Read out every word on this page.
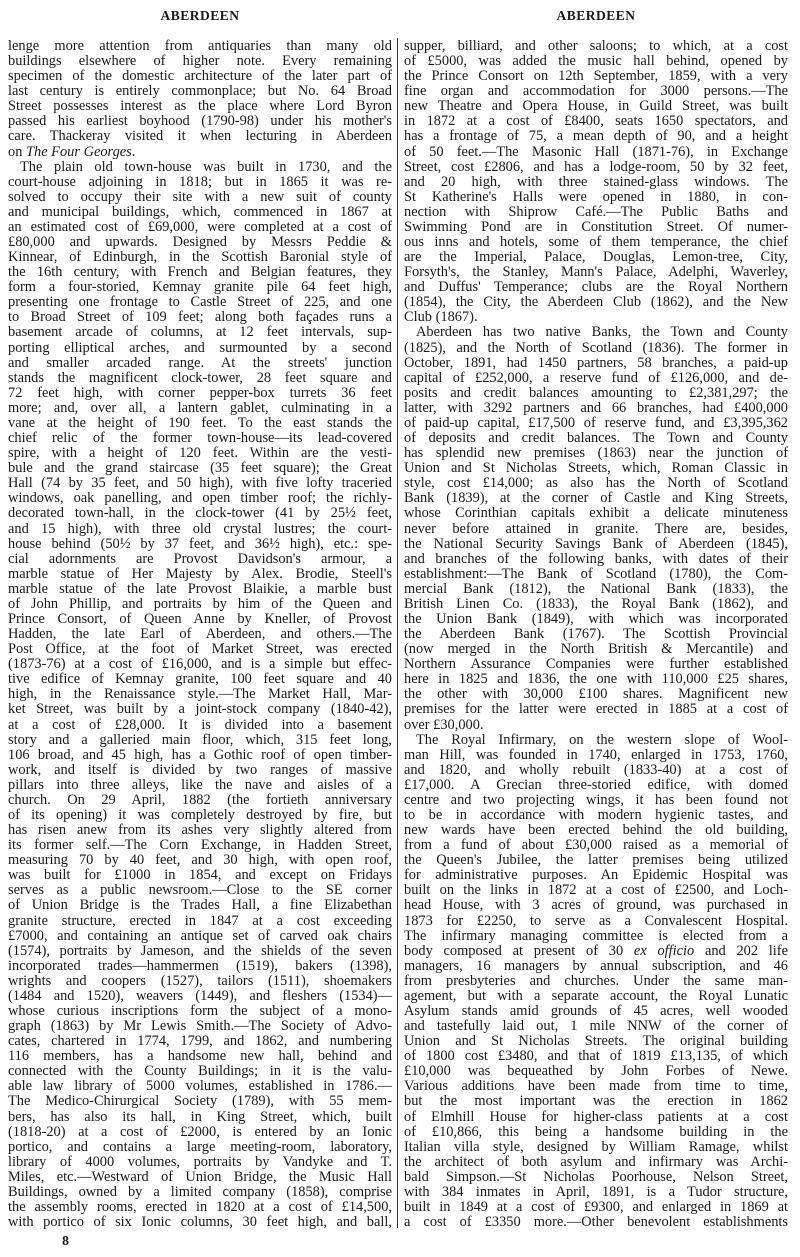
ABERDEEN	ABERDEEN
lenge more attention from antiquaries than many old
buildings elsewhere of higher note. Every remaining
specimen of the domestic architecture of the later part of
last century is entirely commonplace; but No. 64 Broad
Street possesses interest as the place where Lord Byron
passed his earliest boyhood (1790-98) under his mother's
care. Thackeray visited it when lecturing in Aberdeen
on The Four Georges.
The plain old town-house was built in 1730, and the
court-house adjoining in 1818; but in 1865 it was re-
solved to occupy their site with a new suit of county
and municipal buildings, which, commenced in 1867 at
an estimated cost of £69,000, were completed at a cost of
£80,000 and upwards. Designed by Messrs Peddie &
Kinnear, of Edinburgh, in the Scottish Baronial style of
the 16th century, with French and Belgian features, they
form a four-storied, Kemnay granite pile 64 feet high,
presenting one frontage to Castle Street of 225, and one
to Broad Street of 109 feet; along both façades runs a
basement arcade of columns, at 12 feet intervals, sup-
porting elliptical arches, and surmounted by a second
and smaller arcaded range. At the streets' junction
stands the magnificent clock-tower, 28 feet square and
72 feet high, with corner pepper-box turrets 36 feet
more; and, over all, a lantern gablet, culminating in a
vane at the height of 190 feet. To the east stands the
chief relic of the former town-house—its lead-covered
spire, with a height of 120 feet. Within are the vesti-
bule and the grand staircase (35 feet square); the Great
Hall (74 by 35 feet, and 50 high), with five lofty traceried
windows, oak panelling, and open timber roof; the richly-
decorated town-hall, in the clock-tower (41 by 25½ feet,
and 15 high), with three old crystal lustres; the court-
house behind (50½ by 37 feet, and 36½ high), etc.: spe-
cial adornments are Provost Davidson's armour, a
marble statue of Her Majesty by Alex. Brodie, Steell's
marble statue of the late Provost Blaikie, a marble bust
of John Phillip, and portraits by him of the Queen and
Prince Consort, of Queen Anne by Kneller, of Provost
Hadden, the late Earl of Aberdeen, and others.—The
Post Office, at the foot of Market Street, was erected
(1873-76) at a cost of £16,000, and is a simple but effec-
tive edifice of Kemnay granite, 100 feet square and 40
high, in the Renaissance style.—The Market Hall, Mar-
ket Street, was built by a joint-stock company (1840-42),
at a cost of £28,000. It is divided into a basement
story and a galleried main floor, which, 315 feet long,
106 broad, and 45 high, has a Gothic roof of open timber-
work, and itself is divided by two ranges of massive
pillars into three alleys, like the nave and aisles of a
church. On 29 April, 1882 (the fortieth anniversary
of its opening) it was completely destroyed by fire, but
has risen anew from its ashes very slightly altered from
its former self.—The Corn Exchange, in Hadden Street,
measuring 70 by 40 feet, and 30 high, with open roof,
was built for £1000 in 1854, and except on Fridays
serves as a public newsroom.—Close to the SE corner
of Union Bridge is the Trades Hall, a fine Elizabethan
granite structure, erected in 1847 at a cost exceeding
£7000, and containing an antique set of carved oak chairs
(1574), portraits by Jameson, and the shields of the seven
incorporated trades—hammermen (1519), bakers (1398),
wrights and coopers (1527), tailors (1511), shoemakers
(1484 and 1520), weavers (1449), and fleshers (1534)—
whose curious inscriptions form the subject of a mono-
graph (1863) by Mr Lewis Smith.—The Society of Advo-
cates, chartered in 1774, 1799, and 1862, and numbering
116 members, has a handsome new hall, behind and
connected with the County Buildings; in it is the valu-
able law library of 5000 volumes, established in 1786.—
The Medico-Chirurgical Society (1789), with 55 mem-
bers, has also its hall, in King Street, which, built
(1818-20) at a cost of £2000, is entered by an Ionic
portico, and contains a large meeting-room, laboratory,
library of 4000 volumes, portraits by Vandyke and T.
Miles, etc.—Westward of Union Bridge, the Music Hall
Buildings, owned by a limited company (1858), comprise
the assembly rooms, erected in 1820 at a cost of £14,500,
with portico of six Ionic columns, 30 feet high, and ball,
supper, billiard, and other saloons; to which, at a cost
of £5000, was added the music hall behind, opened by
the Prince Consort on 12th September, 1859, with a very
fine organ and accommodation for 3000 persons.—The
new Theatre and Opera House, in Guild Street, was built
in 1872 at a cost of £8400, seats 1650 spectators, and
has a frontage of 75, a mean depth of 90, and a height
of 50 feet.—The Masonic Hall (1871-76), in Exchange
Street, cost £2806, and has a lodge-room, 50 by 32 feet,
and 20 high, with three stained-glass windows. The
St Katherine's Halls were opened in 1880, in con-
nection with Shiprow Café.—The Public Baths and
Swimming Pond are in Constitution Street. Of numer-
ous inns and hotels, some of them temperance, the chief
are the Imperial, Palace, Douglas, Lemon-tree, City,
Forsyth's, the Stanley, Mann's Palace, Adelphi, Waverley,
and Duffus' Temperance; clubs are the Royal Northern
(1854), the City, the Aberdeen Club (1862), and the New
Club (1867).
Aberdeen has two native Banks, the Town and County
(1825), and the North of Scotland (1836). The former in
October, 1891, had 1450 partners, 58 branches, a paid-up
capital of £252,000, a reserve fund of £126,000, and de-
posits and credit balances amounting to £2,381,297; the
latter, with 3292 partners and 66 branches, had £400,000
of paid-up capital, £17,500 of reserve fund, and £3,395,362
of deposits and credit balances. The Town and County
has splendid new premises (1863) near the junction of
Union and St Nicholas Streets, which, Roman Classic in
style, cost £14,000; as also has the North of Scotland
Bank (1839), at the corner of Castle and King Streets,
whose Corinthian capitals exhibit a delicate minuteness
never before attained in granite. There are, besides,
the National Security Savings Bank of Aberdeen (1845),
and branches of the following banks, with dates of their
establishment:—The Bank of Scotland (1780), the Com-
mercial Bank (1812), the National Bank (1833), the
British Linen Co. (1833), the Royal Bank (1862), and
the Union Bank (1849), with which was incorporated
the Aberdeen Bank (1767). The Scottish Provincial
(now merged in the North British & Mercantile) and
Northern Assurance Companies were further established
here in 1825 and 1836, the one with 110,000 £25 shares,
the other with 30,000 £100 shares. Magnificent new
premises for the latter were erected in 1885 at a cost of
over £30,000.
The Royal Infirmary, on the western slope of Wool-
man Hill, was founded in 1740, enlarged in 1753, 1760,
and 1820, and wholly rebuilt (1833-40) at a cost of
£17,000. A Grecian three-storied edifice, with domed
centre and two projecting wings, it has been found not
to be in accordance with modern hygienic tastes, and
new wards have been erected behind the old building,
from a fund of about £30,000 raised as a memorial of
the Queen's Jubilee, the latter premises being utilized
for administrative purposes. An Epidemic Hospital was
built on the links in 1872 at a cost of £2500, and Loch-
head House, with 3 acres of ground, was purchased in
1873 for £2250, to serve as a Convalescent Hospital.
The infirmary managing committee is elected from a
body composed at present of 30 ex officio and 202 life
managers, 16 managers by annual subscription, and 46
from presbyteries and churches. Under the same man-
agement, but with a separate account, the Royal Lunatic
Asylum stands amid grounds of 45 acres, well wooded
and tastefully laid out, 1 mile NNW of the corner of
Union and St Nicholas Streets. The original building
of 1800 cost £3480, and that of 1819 £13,135, of which
£10,000 was bequeathed by John Forbes of Newe.
Various additions have been made from time to time,
but the most important was the erection in 1862
of Elmhill House for higher-class patients at a cost
of £10,866, this being a handsome building in the
Italian villa style, designed by William Ramage, whilst
the architect of both asylum and infirmary was Archi-
bald Simpson.—St Nicholas Poorhouse, Nelson Street,
with 384 inmates in April, 1891, is a Tudor structure,
built in 1849 at a cost of £9300, and enlarged in 1869 at
a cost of £3350 more.—Other benevolent establishments
8
